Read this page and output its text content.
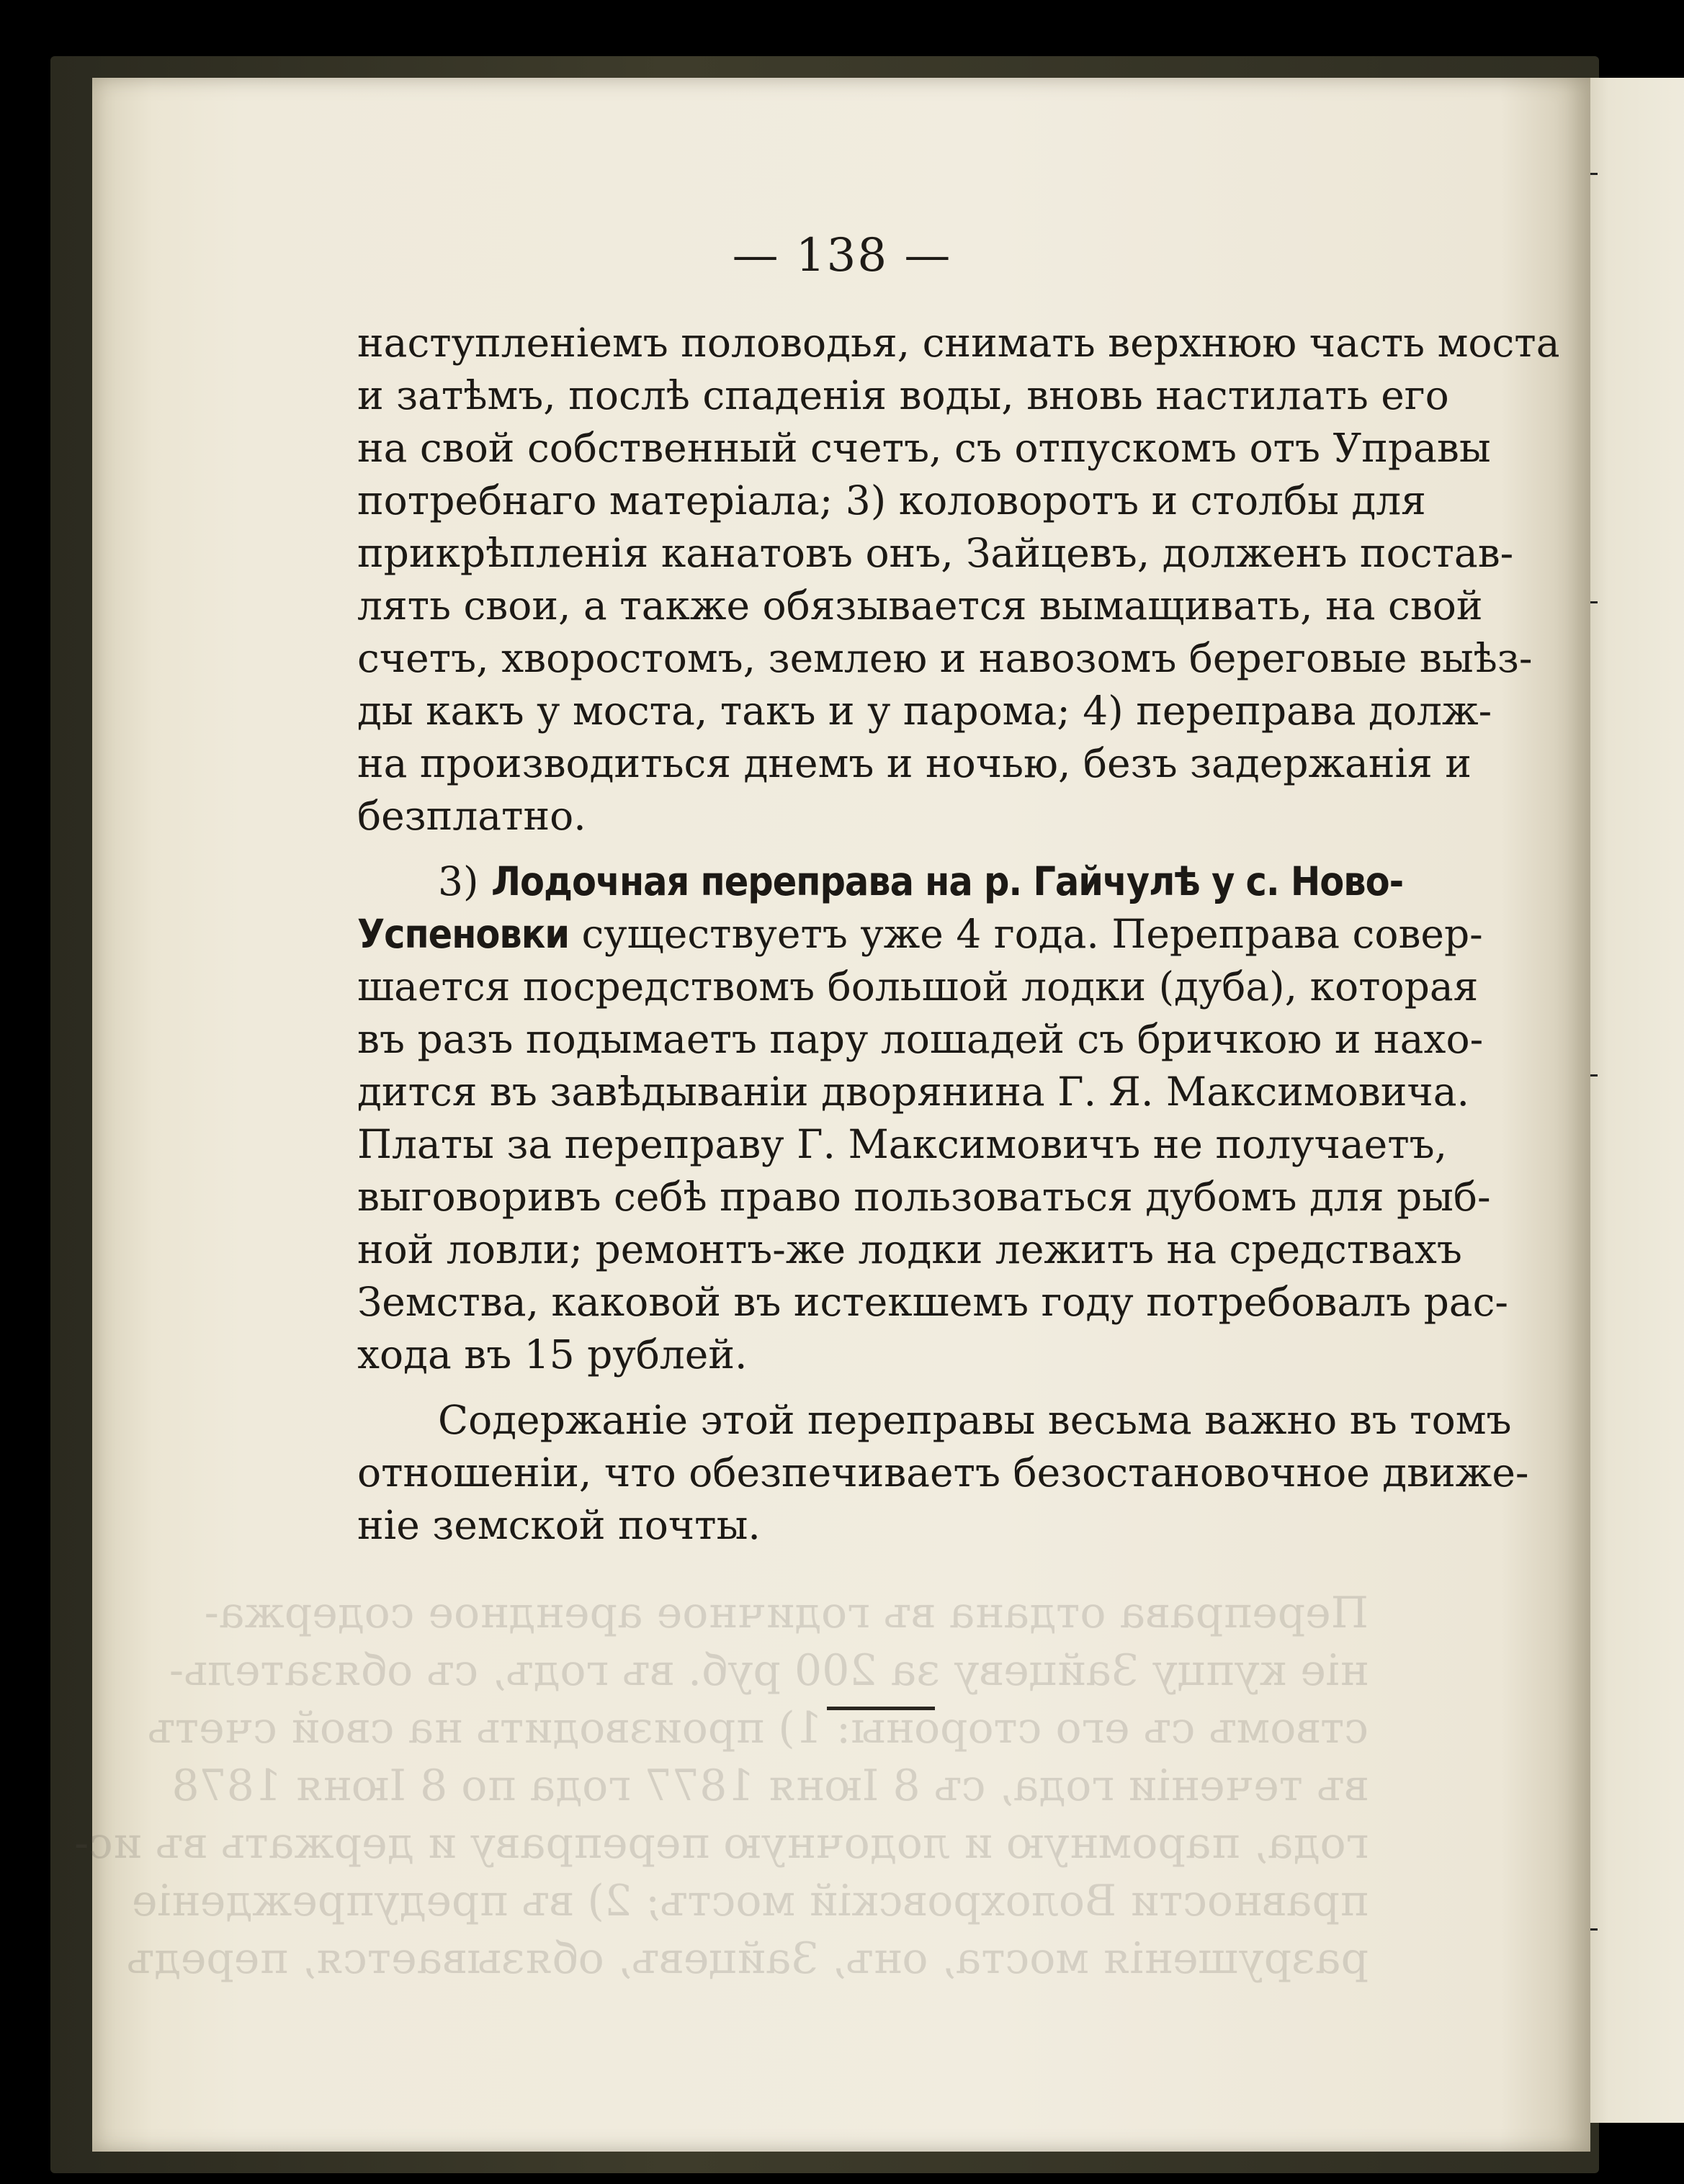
— 138 —
наступленіемъ половодья, снимать верхнюю часть моста
и затѣмъ, послѣ спаденія воды, вновь настилать его
на свой собственный счетъ, съ отпускомъ отъ Управы
потребнаго матеріала; 3) коловоротъ и столбы для
прикрѣпленія канатовъ онъ, Зайцевъ, долженъ постав-
лять свои, а также обязывается вымащивать, на свой
счетъ, хворостомъ, землею и навозомъ береговые выѣз-
ды какъ у моста, такъ и у парома; 4) переправа долж-
на производиться днемъ и ночью, безъ задержанія и
безплатно.
3) Лодочная переправа на р. Гайчулѣ у с. Ново-
Успеновки существуетъ уже 4 года. Переправа совер-
шается посредствомъ большой лодки (дуба), которая
въ разъ подымаетъ пару лошадей съ бричкою и нахо-
дится въ завѣдываніи дворянина Г. Я. Максимовича.
Платы за переправу Г. Максимовичъ не получаетъ,
выговоривъ себѣ право пользоваться дубомъ для рыб-
ной ловли; ремонтъ-же лодки лежитъ на средствахъ
Земства, каковой въ истекшемъ году потребовалъ рас-
хода въ 15 рублей.
Содержаніе этой переправы весьма важно въ томъ
отношеніи, что обезпечиваетъ безостановочное движе-
ніе земской почты.
